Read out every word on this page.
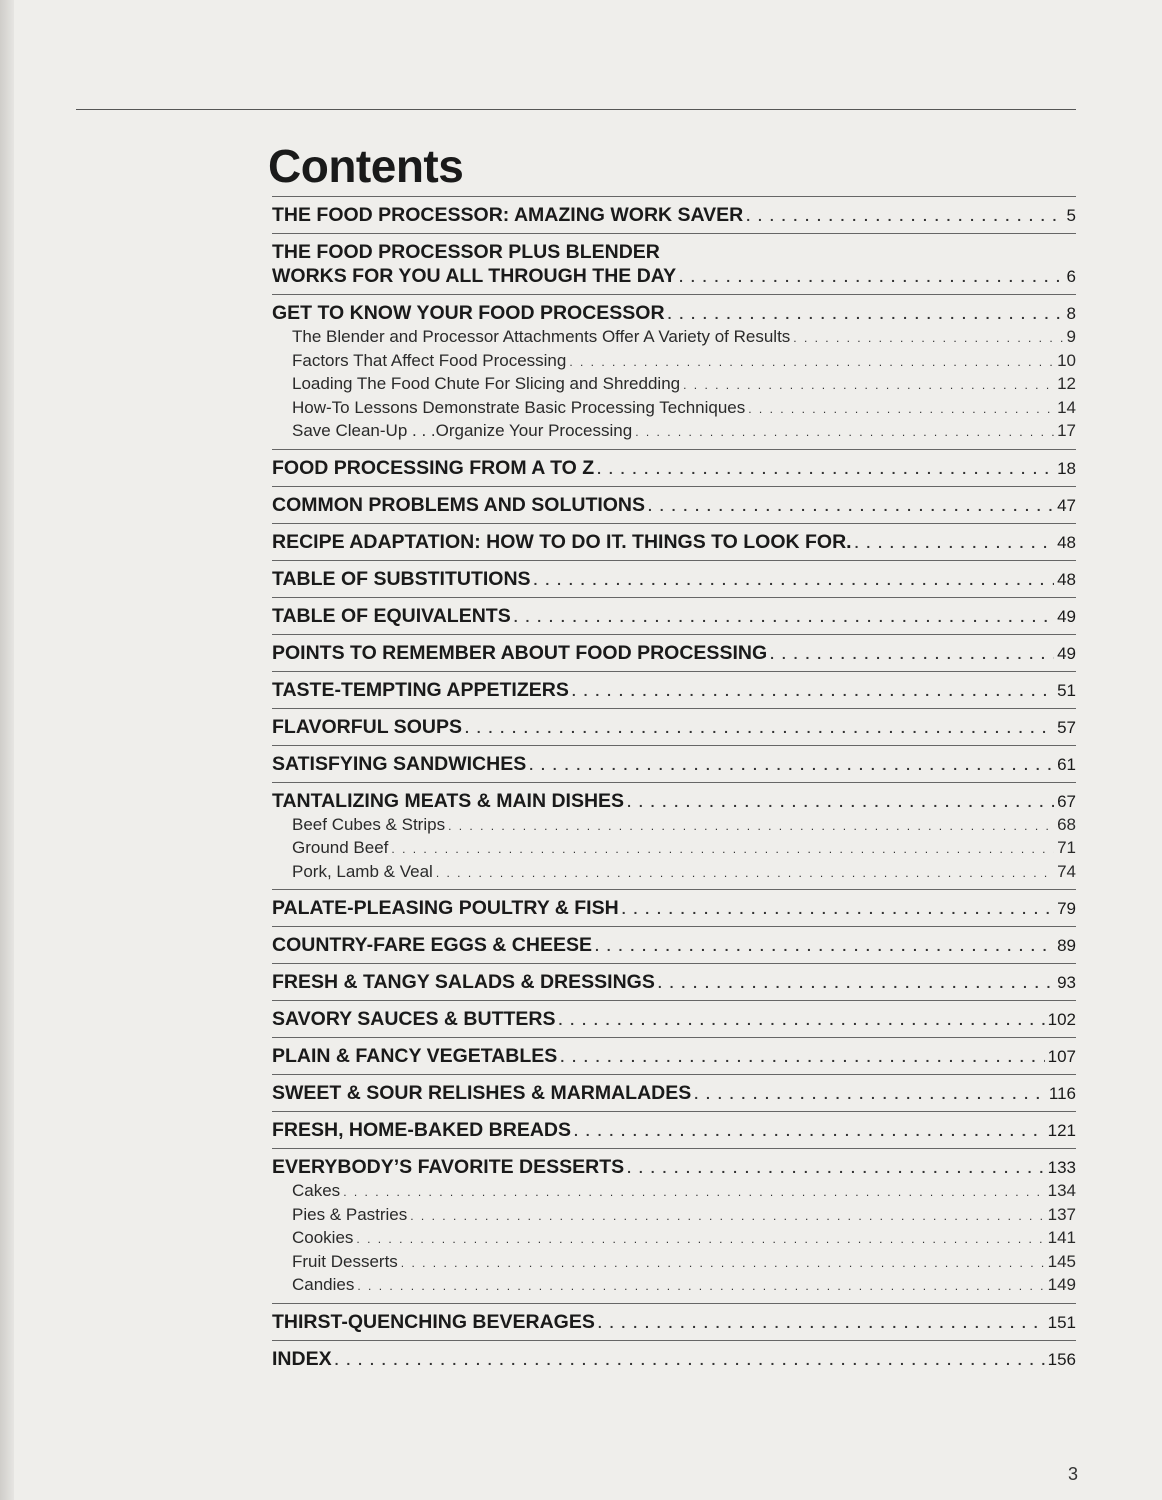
Contents
THE FOOD PROCESSOR: AMAZING WORK SAVER . . .	5
THE FOOD PROCESSOR PLUS BLENDER
WORKS FOR YOU ALL THROUGH THE DAY . . .	6
GET TO KNOW YOUR FOOD PROCESSOR . . .	8
The Blender and Processor Attachments Offer A Variety of Results . . .	9
Factors That Affect Food Processing . . .	10
Loading The Food Chute For Slicing and Shredding . . .	12
How-To Lessons Demonstrate Basic Processing Techniques . . .	14
Save Clean-Up . . .Organize Your Processing . . .	17
FOOD PROCESSING FROM A TO Z . . .	18
COMMON PROBLEMS AND SOLUTIONS . . .	47
RECIPE ADAPTATION: HOW TO DO IT. THINGS TO LOOK FOR. . . .	48
TABLE OF SUBSTITUTIONS . . .	48
TABLE OF EQUIVALENTS . . .	49
POINTS TO REMEMBER ABOUT FOOD PROCESSING . . .	49
TASTE-TEMPTING APPETIZERS . . .	51
FLAVORFUL SOUPS . . .	57
SATISFYING SANDWICHES . . .	61
TANTALIZING MEATS & MAIN DISHES . . .	67
Beef Cubes & Strips . . .	68
Ground Beef . . .	71
Pork, Lamb & Veal . . .	74
PALATE-PLEASING POULTRY & FISH . . .	79
COUNTRY-FARE EGGS & CHEESE . . .	89
FRESH & TANGY SALADS & DRESSINGS . . .	93
SAVORY SAUCES & BUTTERS . . .	102
PLAIN & FANCY VEGETABLES . . .	107
SWEET & SOUR RELISHES & MARMALADES . . .	116
FRESH, HOME-BAKED BREADS . . .	121
EVERYBODY’S FAVORITE DESSERTS . . .	133
Cakes . . .	134
Pies & Pastries . . .	137
Cookies . . .	141
Fruit Desserts . . .	145
Candies . . .	149
THIRST-QUENCHING BEVERAGES . . .	151
INDEX . . .	156
3
